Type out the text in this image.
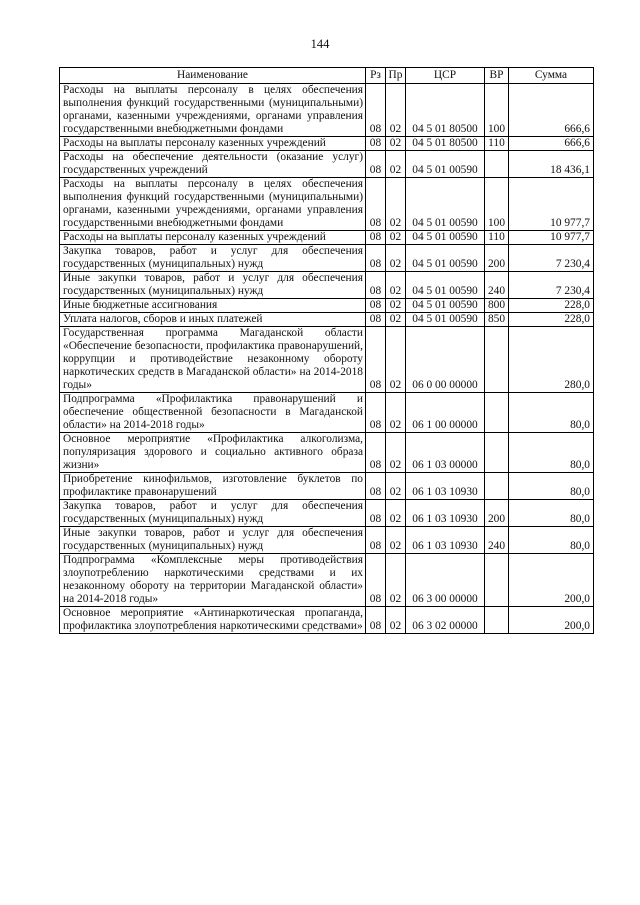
144
Наименование	Рз	Пр	ЦСР	ВР	Сумма
Расходы на выплаты персоналу в целях обеспечения выполнения функций государственными (муниципальными) органами, казенными учреждениями, органами управления государственными внебюджетными фондами	08	02	04 5 01 80500	100	666,6
Расходы на выплаты персоналу казенных учреждений	08	02	04 5 01 80500	110	666,6
Расходы на обеспечение деятельности (оказание услуг) государственных учреждений	08	02	04 5 01 00590		18 436,1
Расходы на выплаты персоналу в целях обеспечения выполнения функций государственными (муниципальными) органами, казенными учреждениями, органами управления государственными внебюджетными фондами	08	02	04 5 01 00590	100	10 977,7
Расходы на выплаты персоналу казенных учреждений	08	02	04 5 01 00590	110	10 977,7
Закупка товаров, работ и услуг для обеспечения государственных (муниципальных) нужд	08	02	04 5 01 00590	200	7 230,4
Иные закупки товаров, работ и услуг для обеспечения государственных (муниципальных) нужд	08	02	04 5 01 00590	240	7 230,4
Иные бюджетные ассигнования	08	02	04 5 01 00590	800	228,0
Уплата налогов, сборов и иных платежей	08	02	04 5 01 00590	850	228,0
Государственная программа Магаданской области «Обеспечение безопасности, профилактика правонарушений, коррупции и противодействие незаконному обороту наркотических средств в Магаданской области» на 2014-2018 годы»	08	02	06 0 00 00000		280,0
Подпрограмма «Профилактика правонарушений и обеспечение общественной безопасности в Магаданской области» на 2014-2018 годы»	08	02	06 1 00 00000		80,0
Основное мероприятие «Профилактика алкоголизма, популяризация здорового и социально активного образа жизни»	08	02	06 1 03 00000		80,0
Приобретение кинофильмов, изготовление буклетов по профилактике правонарушений	08	02	06 1 03 10930		80,0
Закупка товаров, работ и услуг для обеспечения государственных (муниципальных) нужд	08	02	06 1 03 10930	200	80,0
Иные закупки товаров, работ и услуг для обеспечения государственных (муниципальных) нужд	08	02	06 1 03 10930	240	80,0
Подпрограмма «Комплексные меры противодействия злоупотреблению наркотическими средствами и их незаконному обороту на территории Магаданской области» на 2014-2018 годы»	08	02	06 3 00 00000		200,0
Основное мероприятие «Антинаркотическая пропаганда, профилактика злоупотребления наркотическими средствами»	08	02	06 3 02 00000		200,0
